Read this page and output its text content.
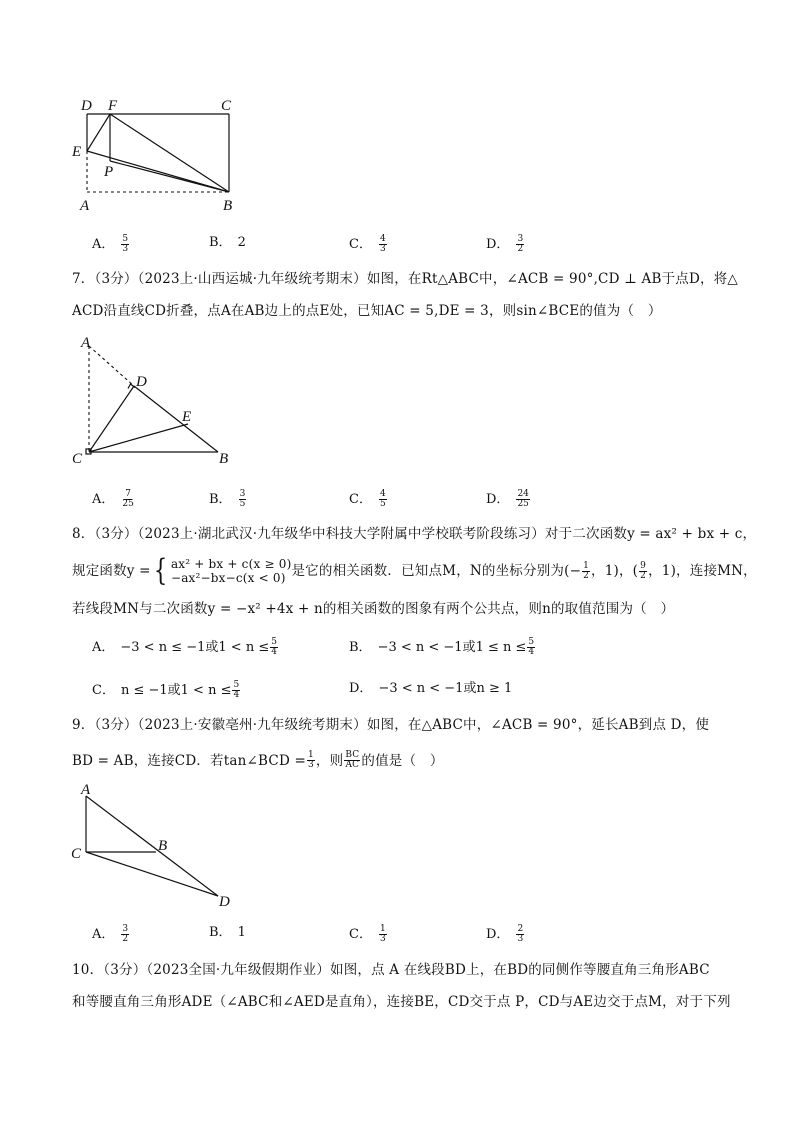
D F	C
E
P
A	B
A． $\frac{5}{3}$	B． 2	C． $\frac{4}{3}$	D． $\frac{3}{2}$
7．（3分）（2023上·山西运城·九年级统考期末）如图，在Rt△ABC中，∠ACB = 90°,CD ⊥ AB于点D，将△
ACD沿直线CD折叠，点A在AB边上的点E处，已知AC = 5,DE = 3，则sin∠BCE的值为（　）
A
D
E
C	B
A． $\frac{7}{25}$	B． $\frac{3}{5}$	C． $\frac{4}{5}$	D． $\frac{24}{25}$
8．（3分）（2023上·湖北武汉·九年级华中科技大学附属中学校联考阶段练习）对于二次函数y = ax² + bx + c，
规定函数y = { ax² + bx + c(x ≥ 0)
−ax²−bx−c(x < 0) 是它的相关函数．已知点M，N的坐标分别为(− $\frac{1}{2}$ ，1)，( $\frac{9}{2}$ ，1)，连接MN，
若线段MN与二次函数y = −x² +4x + n的相关函数的图象有两个公共点，则n的取值范围为（　）
A． −3 < n ≤ −1或$1 < n \le \frac{5}{4}$	B． −3 < n < −1或$1 \le n \le \frac{5}{4}$
C． n ≤ −1或$1 < n \le \frac{5}{4}$	D． −3 < n < −1或n ≥ 1
9．（3分）（2023上·安徽亳州·九年级统考期末）如图，在△ABC中，∠ACB = 90°，延长AB到点 D，使
BD = AB，连接CD．若tan∠BCD = $\frac{1}{3}$ ，则 $\frac{BC}{AC}$ 的值是（　）
A
C	B
D
A． $\frac{3}{2}$	B． 1	C． $\frac{1}{3}$	D． $\frac{2}{3}$
10．（3分）（2023全国·九年级假期作业）如图，点 A 在线段BD上，在BD的同侧作等腰直角三角形ABC
和等腰直角三角形ADE（∠ABC和∠AED是直角），连接BE，CD交于点 P，CD与AE边交于点M，对于下列
